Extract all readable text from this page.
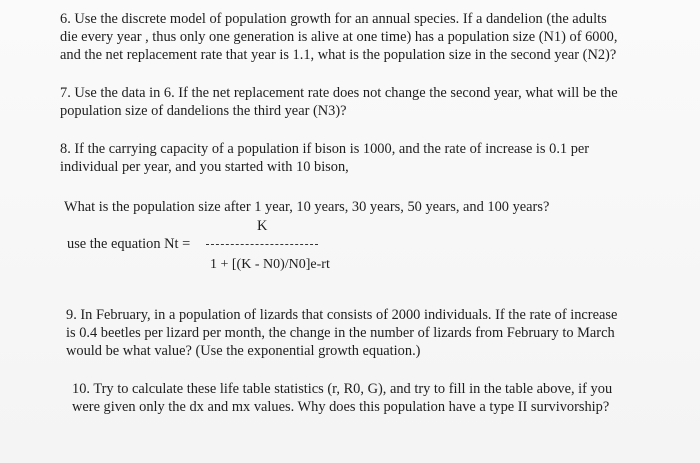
6. Use the discrete model of population growth for an annual species. If a dandelion (the adults
die every year , thus only one generation is alive at one time) has a population size (N1) of 6000,
and the net replacement rate that year is 1.1, what is the population size in the second year (N2)?
7. Use the data in 6. If the net replacement rate does not change the second year, what will be the
population size of dandelions the third year (N3)?
8. If the carrying capacity of a population if bison is 1000, and the rate of increase is 0.1 per
individual per year, and you started with 10 bison,
What is the population size after 1 year, 10 years, 30 years, 50 years, and 100 years?
use the equation Nt =
K
1 + [(K - N0)/N0]e-rt
9. In February, in a population of lizards that consists of 2000 individuals. If the rate of increase
is 0.4 beetles per lizard per month, the change in the number of lizards from February to March
would be what value? (Use the exponential growth equation.)
10. Try to calculate these life table statistics (r, R0, G), and try to fill in the table above, if you
were given only the dx and mx values. Why does this population have a type II survivorship?
